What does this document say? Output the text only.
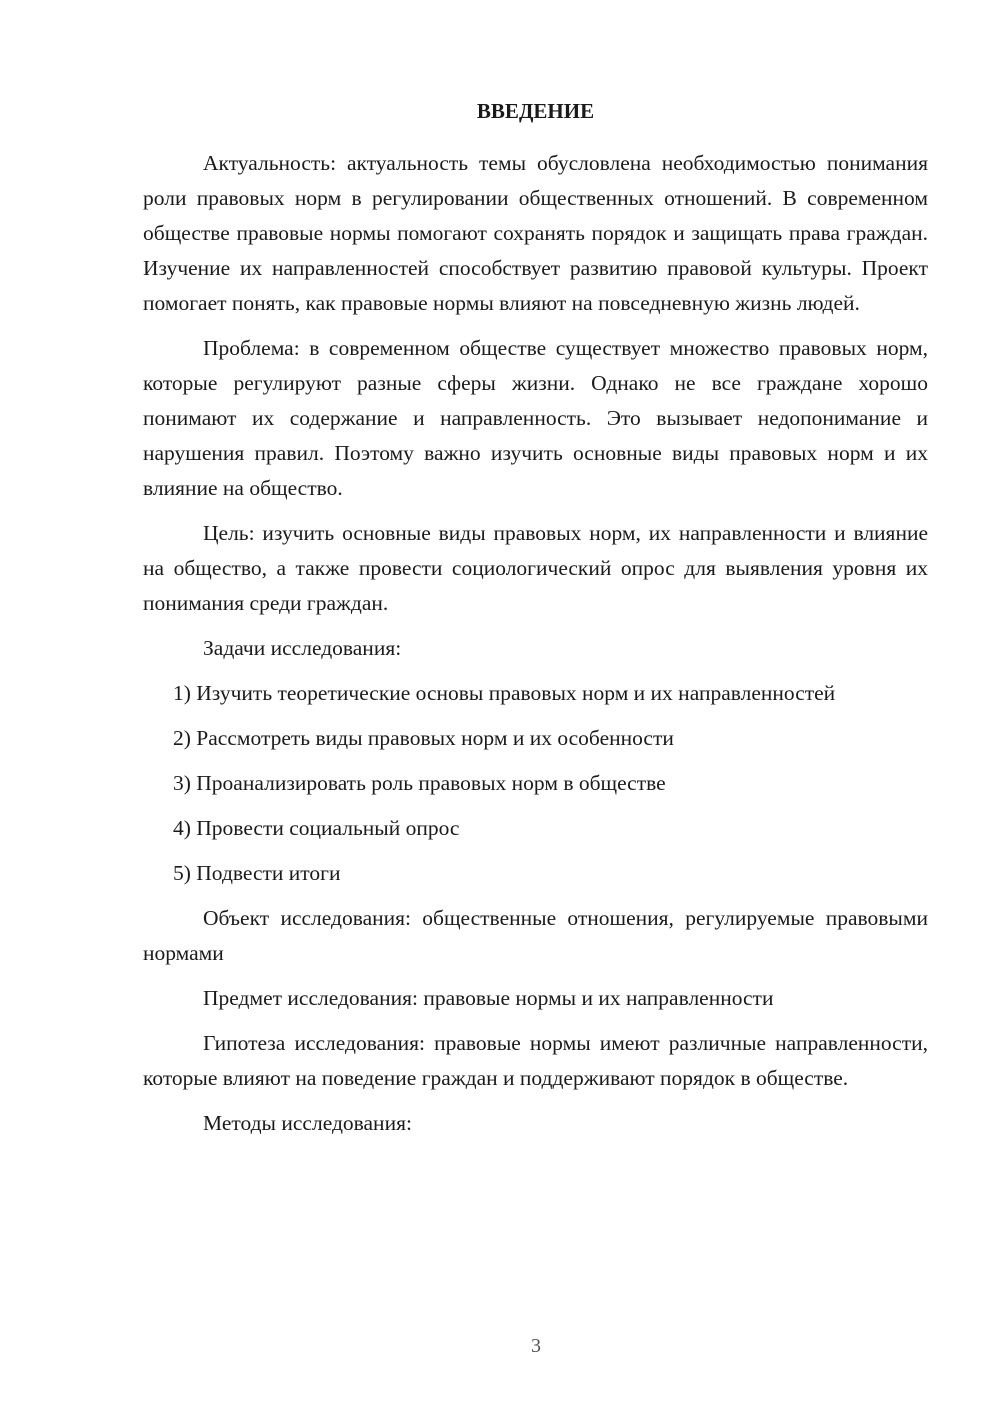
ВВЕДЕНИЕ

Актуальность: актуальность темы обусловлена необходимостью понимания роли правовых норм в регулировании общественных отношений. В современном обществе правовые нормы помогают сохранять порядок и защищать права граждан. Изучение их направленностей способствует развитию правовой культуры. Проект помогает понять, как правовые нормы влияют на повседневную жизнь людей.

Проблема: в современном обществе существует множество правовых норм, которые регулируют разные сферы жизни. Однако не все граждане хорошо понимают их содержание и направленность. Это вызывает недопонимание и нарушения правил. Поэтому важно изучить основные виды правовых норм и их влияние на общество.

Цель: изучить основные виды правовых норм, их направленности и влияние на общество, а также провести социологический опрос для выявления уровня их понимания среди граждан.

Задачи исследования:

1) Изучить теоретические основы правовых норм и их направленностей

2) Рассмотреть виды правовых норм и их особенности

3) Проанализировать роль правовых норм в обществе

4) Провести социальный опрос

5) Подвести итоги

Объект исследования: общественные отношения, регулируемые правовыми нормами

Предмет исследования: правовые нормы и их направленности

Гипотеза исследования: правовые нормы имеют различные направленности, которые влияют на поведение граждан и поддерживают порядок в обществе.

Методы исследования:

3
